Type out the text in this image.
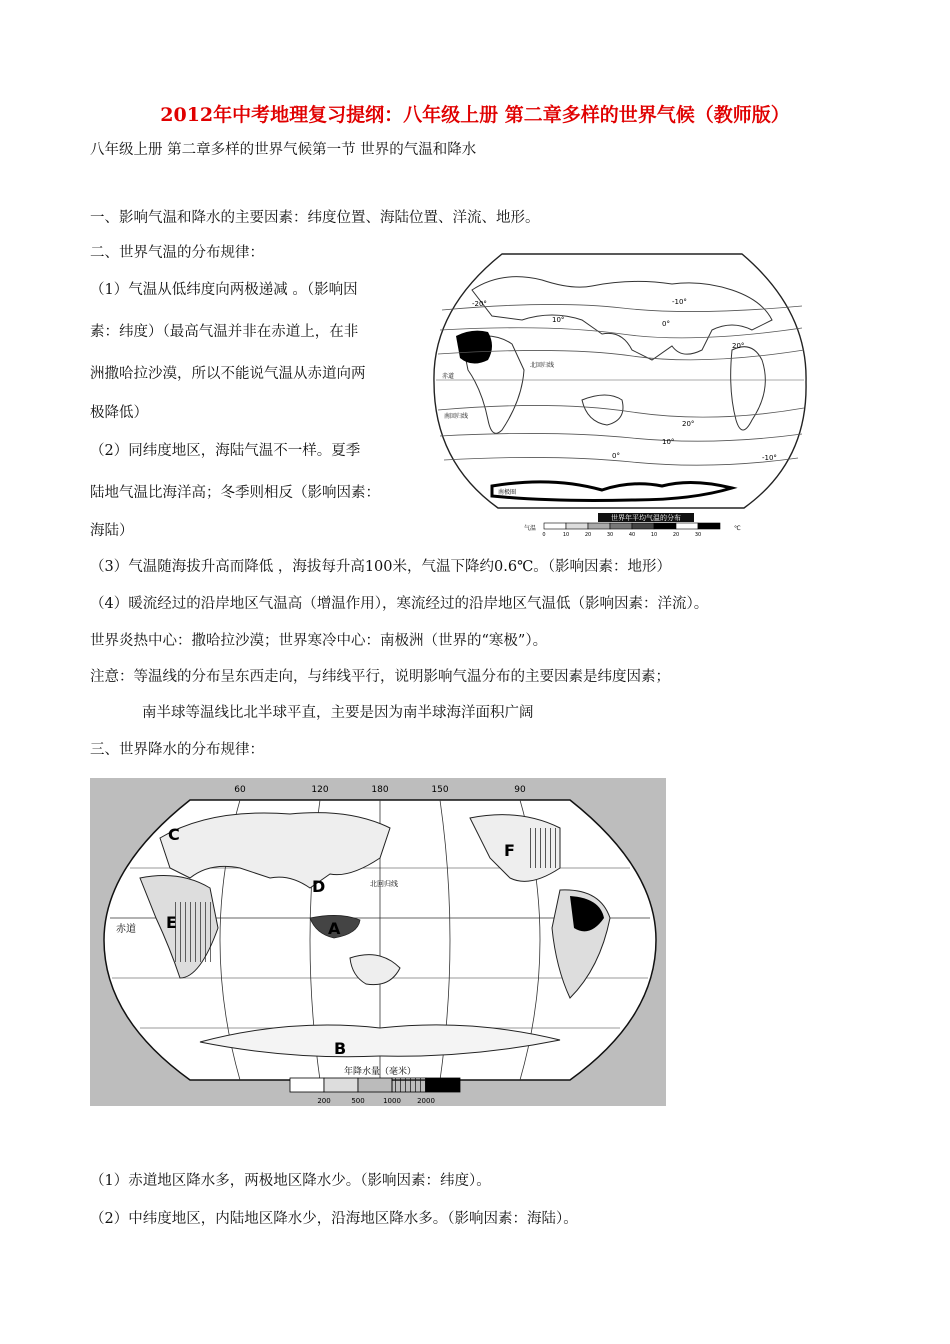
2012年中考地理复习提纲：八年级上册 第二章多样的世界气候（教师版）
八年级上册 第二章多样的世界气候第一节 世界的气温和降水
一、影响气温和降水的主要因素：纬度位置、海陆位置、洋流、地形。
二、世界气温的分布规律：
（1）气温从低纬度向两极递减 。（影响因
素：纬度）（最高气温并非在赤道上，在非
洲撒哈拉沙漠，所以不能说气温从赤道向两
极降低）
（2）同纬度地区，海陆气温不一样。夏季
陆地气温比海洋高；冬季则相反（影响因素：
海陆）
（3）气温随海拔升高而降低 ，海拔每升高100米，气温下降约0.6℃。（影响因素：地形）
（4）暖流经过的沿岸地区气温高（增温作用），寒流经过的沿岸地区气温低（影响因素：洋流）。
世界炎热中心：撒哈拉沙漠；世界寒冷中心：南极洲（世界的“寒极”）。
注意：等温线的分布呈东西走向，与纬线平行，说明影响气温分布的主要因素是纬度因素；
南半球等温线比北半球平直，主要是因为南半球海洋面积广阔
三、世界降水的分布规律：
-20°	-10°
0°
10°
20°
20°
10°
0°	-10°
北回归线
赤道
南回归线
南极圈
世界年平均气温的分布
气温	℃
0	10	20	30	40	10	20	30
60	120	180	150	90
C
D
E	A
F
B
赤道
北回归线
年降水量（毫米）
200	500	1000 2000
（1）赤道地区降水多，两极地区降水少。（影响因素：纬度）。
（2）中纬度地区，内陆地区降水少，沿海地区降水多。（影响因素：海陆）。
